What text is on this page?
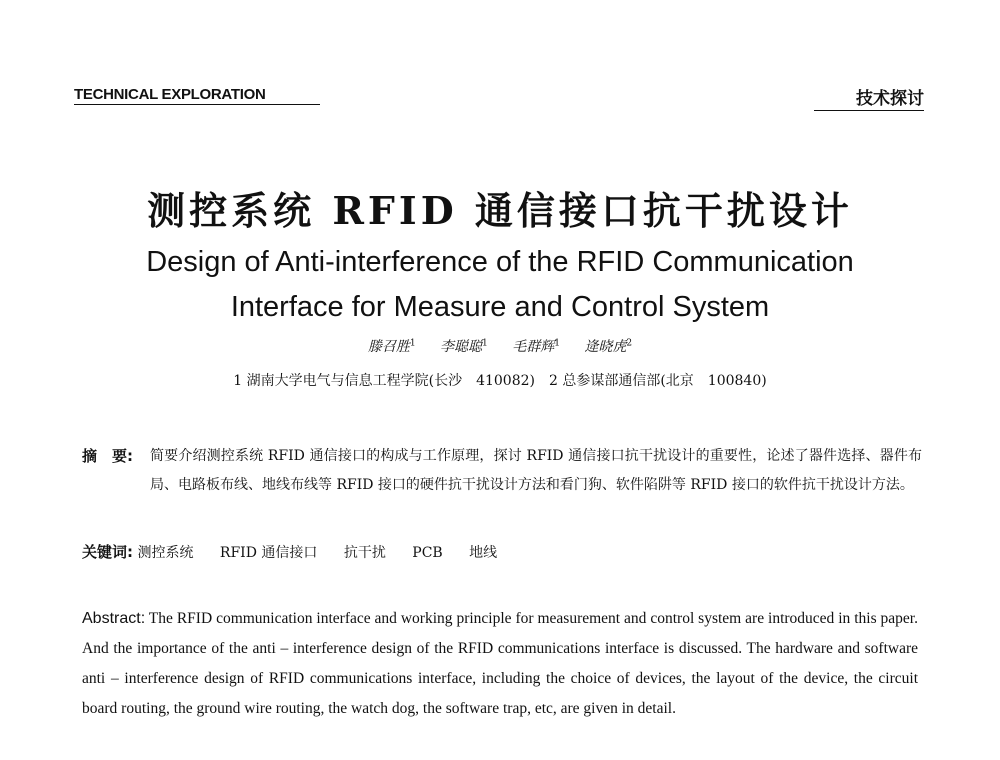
TECHNICAL EXPLORATION	技术探讨
测控系统 RFID 通信接口抗干扰设计
Design of Anti-interference of the RFID Communication
Interface for Measure and Control System
滕召胜$^1$ 李聪聪$^1$ 毛群辉$^1$ 逄晓虎$^2$
1 湖南大学电气与信息工程学院(长沙　410082)　2 总参谋部通信部(北京　100840)
摘　要:	简要介绍测控系统 RFID 通信接口的构成与工作原理，探讨 RFID 通信接口抗干扰设计的重要性，论述了器件选择、器件布局、电路板布线、地线布线等 RFID 接口的硬件抗干扰设计方法和看门狗、软件陷阱等 RFID 接口的软件抗干扰设计方法。
关键词: 测控系统 RFID 通信接口 抗干扰 PCB 地线
Abstract: The RFID communication interface and working principle for measurement and control system are introduced in this paper. And the importance of the anti – interference design of the RFID communications interface is discussed. The hardware and software anti – interference design of RFID communications interface, including the choice of devices, the layout of the device, the circuit board routing, the ground wire routing, the watch dog, the software trap, etc, are given in detail.
